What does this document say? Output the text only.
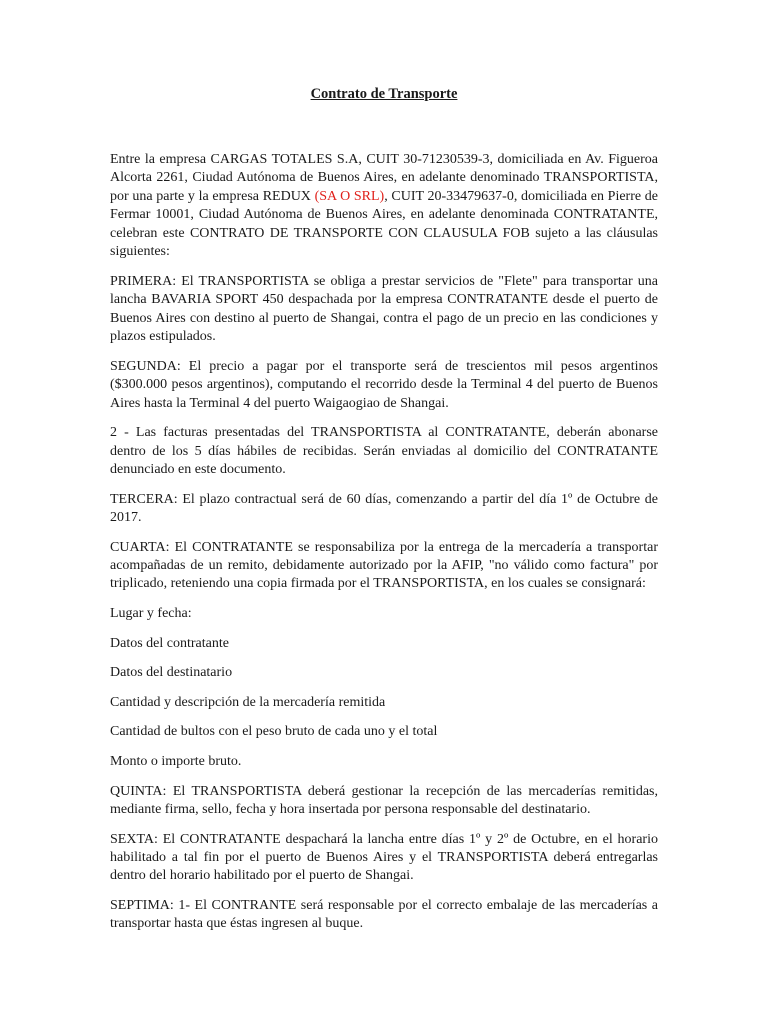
Contrato de Transporte

Entre la empresa CARGAS TOTALES S.A, CUIT 30-71230539-3, domiciliada en Av. Figueroa Alcorta 2261, Ciudad Autónoma de Buenos Aires, en adelante denominado TRANSPORTISTA, por una parte y la empresa REDUX (SA O SRL), CUIT 20-33479637-0, domiciliada en Pierre de Fermar 10001, Ciudad Autónoma de Buenos Aires, en adelante denominada CONTRATANTE, celebran este CONTRATO DE TRANSPORTE CON CLAUSULA FOB sujeto a las cláusulas siguientes:

PRIMERA: El TRANSPORTISTA se obliga a prestar servicios de "Flete" para transportar una lancha BAVARIA SPORT 450 despachada por la empresa CONTRATANTE desde el puerto de Buenos Aires con destino al puerto de Shangai, contra el pago de un precio en las condiciones y plazos estipulados.

SEGUNDA: El precio a pagar por el transporte será de trescientos mil pesos argentinos ($300.000 pesos argentinos), computando el recorrido desde la Terminal 4 del puerto de Buenos Aires hasta la Terminal 4 del puerto Waigaogiao de Shangai.

2 - Las facturas presentadas del TRANSPORTISTA al CONTRATANTE, deberán abonarse dentro de los 5 días hábiles de recibidas. Serán enviadas al domicilio del CONTRATANTE denunciado en este documento.

TERCERA: El plazo contractual será de 60 días, comenzando a partir del día 1º de Octubre de 2017.

CUARTA: El CONTRATANTE se responsabiliza por la entrega de la mercadería a transportar acompañadas de un remito, debidamente autorizado por la AFIP, "no válido como factura" por triplicado, reteniendo una copia firmada por el TRANSPORTISTA, en los cuales se consignará:

Lugar y fecha:

Datos del contratante

Datos del destinatario

Cantidad y descripción de la mercadería remitida

Cantidad de bultos con el peso bruto de cada uno y el total

Monto o importe bruto.

QUINTA: El TRANSPORTISTA deberá gestionar la recepción de las mercaderías remitidas, mediante firma, sello, fecha y hora insertada por persona responsable del destinatario.

SEXTA: El CONTRATANTE despachará la lancha entre días 1º y 2º de Octubre, en el horario habilitado a tal fin por el puerto de Buenos Aires y el TRANSPORTISTA deberá entregarlas dentro del horario habilitado por el puerto de Shangai.

SEPTIMA: 1- El CONTRANTE será responsable por el correcto embalaje de las mercaderías a transportar hasta que éstas ingresen al buque.
